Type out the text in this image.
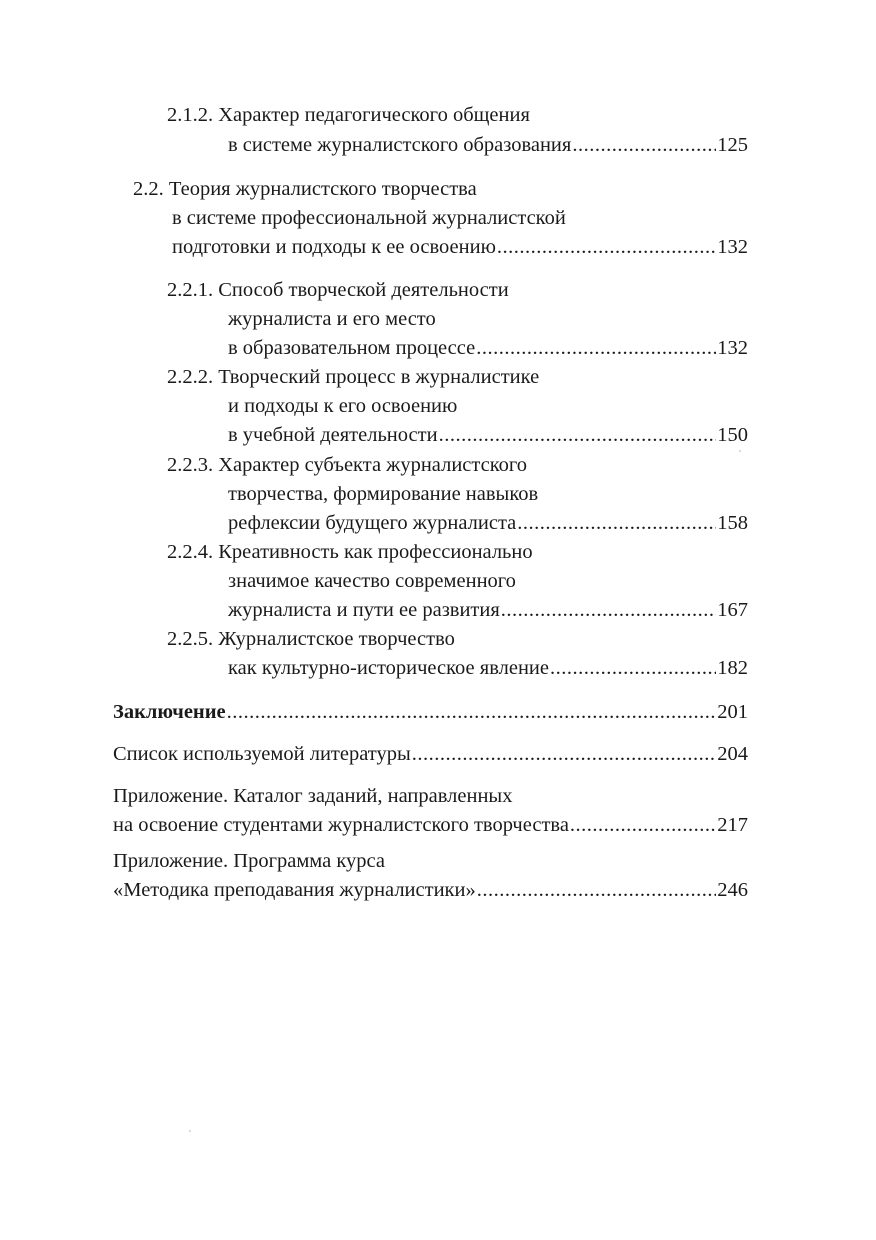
2.1.2. Характер педагогического общения
в системе журналистского образования .....	125
2.2. Теория журналистского творчества
в системе профессиональной журналистской
подготовки и подходы к ее освоению .....	132
2.2.1. Способ творческой деятельности
журналиста и его место
в образовательном процессе .....	132
2.2.2. Творческий процесс в журналистике
и подходы к его освоению
в учебной деятельности .....	150
2.2.3. Характер субъекта журналистского
творчества, формирование навыков
рефлексии будущего журналиста .....	158
2.2.4. Креативность как профессионально
значимое качество современного
журналиста и пути ее развития .....	167
2.2.5. Журналистское творчество
как культурно-историческое явление .....	182
Заключение .....	201
Список используемой литературы .....	204
Приложение. Каталог заданий, направленных
на освоение студентами журналистского творчества .....	217
Приложение. Программа курса
«Методика преподавания журналистики» .....	246
